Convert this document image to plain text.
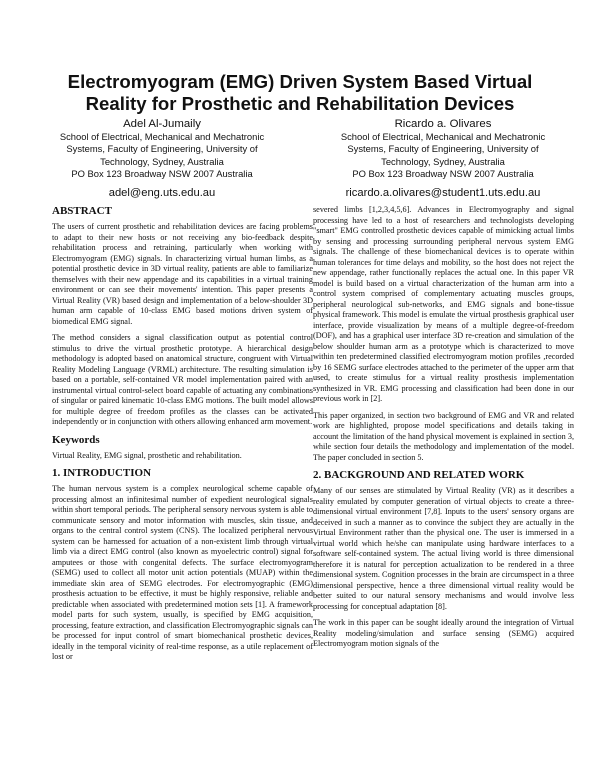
Electromyogram (EMG) Driven System Based Virtual
Reality for Prosthetic and Rehabilitation Devices
Adel Al-Jumaily
School of Electrical, Mechanical and Mechatronic
Systems, Faculty of Engineering, University of
Technology, Sydney, Australia
PO Box 123 Broadway NSW 2007 Australia
adel@eng.uts.edu.au
Ricardo a. Olivares
School of Electrical, Mechanical and Mechatronic
Systems, Faculty of Engineering, University of
Technology, Sydney, Australia
PO Box 123 Broadway NSW 2007 Australia
ricardo.a.olivares@student1.uts.edu.au
ABSTRACT

The users of current prosthetic and rehabilitation devices are facing problems to adapt to their new hosts or not receiving any bio-feedback despite rehabilitation process and retraining, particularly when working with Electromyogram (EMG) signals. In characterizing virtual human limbs, as a potential prosthetic device in 3D virtual reality, patients are able to familiarize themselves with their new appendage and its capabilities in a virtual training environment or can see their movements' intention. This paper presents a Virtual Reality (VR) based design and implementation of a below-shoulder 3D human arm capable of 10-class EMG based motions driven system of biomedical EMG signal.

The method considers a signal classification output as potential control stimulus to drive the virtual prosthetic prototype. A hierarchical design methodology is adopted based on anatomical structure, congruent with Virtual Reality Modeling Language (VRML) architecture. The resulting simulation is based on a portable, self-contained VR model implementation paired with an instrumental virtual control-select board capable of actuating any combinations of singular or paired kinematic 10-class EMG motions. The built model allows for multiple degree of freedom profiles as the classes can be activated independently or in conjunction with others allowing enhanced arm movement.

Keywords

Virtual Reality, EMG signal, prosthetic and rehabilitation.

1. INTRODUCTION

The human nervous system is a complex neurological scheme capable of processing almost an infinitesimal number of expedient neurological signals within short temporal periods. The peripheral sensory nervous system is able to communicate sensory and motor information with muscles, skin tissue, and organs to the central control system (CNS). The localized peripheral nervous system can be harnessed for actuation of a non-existent limb through virtual limb via a direct EMG control (also known as myoelectric control) signal for amputees or those with congenital defects. The surface electromyogram (SEMG) used to collect all motor unit action potentials (MUAP) within the immediate skin area of SEMG electrodes. For electromyographic (EMG) prosthesis actuation to be effective, it must be highly responsive, reliable and predictable when associated with predetermined motion sets [1]. A framework model parts for such system, usually, is specified by EMG acquisition, processing, feature extraction, and classification Electromyographic signals can be processed for input control of smart biomechanical prosthetic devices, ideally in the temporal vicinity of real-time response, as a utile replacement of lost or

severed limbs [1,2,3,4,5,6]. Advances in Electromyography and signal processing have led to a host of researchers and technologists developing "smart" EMG controlled prosthetic devices capable of mimicking actual limbs by sensing and processing surrounding peripheral nervous system EMG signals. The challenge of these biomechanical devices is to operate within human tolerances for time delays and mobility, so the host does not reject the new appendage, rather functionally replaces the actual one. In this paper VR model is build based on a virtual characterization of the human arm into a control system comprised of complementary actuating muscles groups, peripheral neurological sub-networks, and EMG signals and bone-tissue physical framework. This model is emulate the virtual prosthesis graphical user interface, provide visualization by means of a multiple degree-of-freedom (DOF), and has a graphical user interface 3D re-creation and simulation of the below shoulder human arm as a prototype which is characterized to move within ten predetermined classified electromyogram motion profiles ,recorded by 16 SEMG surface electrodes attached to the perimeter of the upper arm that used, to create stimulus for a virtual reality prosthesis implementation synthesized in VR. EMG processing and classification had been done in our previous work in [2].

This paper organized, in section two background of EMG and VR and related work are highlighted, propose model specifications and details taking in account the limitation of the hand physical movement is explained in section 3, while section four details the methodology and implementation of the model. The paper concluded in section 5.

2. BACKGROUND AND RELATED WORK

Many of our senses are stimulated by Virtual Reality (VR) as it describes a reality emulated by computer generation of virtual objects to create a three-dimensional virtual environment [7,8]. Inputs to the users' sensory organs are deceived in such a manner as to convince the subject they are actually in the Virtual Environment rather than the physical one. The user is immersed in a virtual world which he/she can manipulate using hardware interfaces to a software self-contained system. The actual living world is three dimensional therefore it is natural for perception actualization to be rendered in a three dimensional system. Cognition processes in the brain are circumspect in a three dimensional perspective, hence a three dimensional virtual reality would be better suited to our natural sensory mechanisms and would involve less processing for conceptual adaptation [8].

The work in this paper can be sought ideally around the integration of Virtual Reality modeling/simulation and surface sensing (SEMG) acquired Electromyogram motion signals of the
